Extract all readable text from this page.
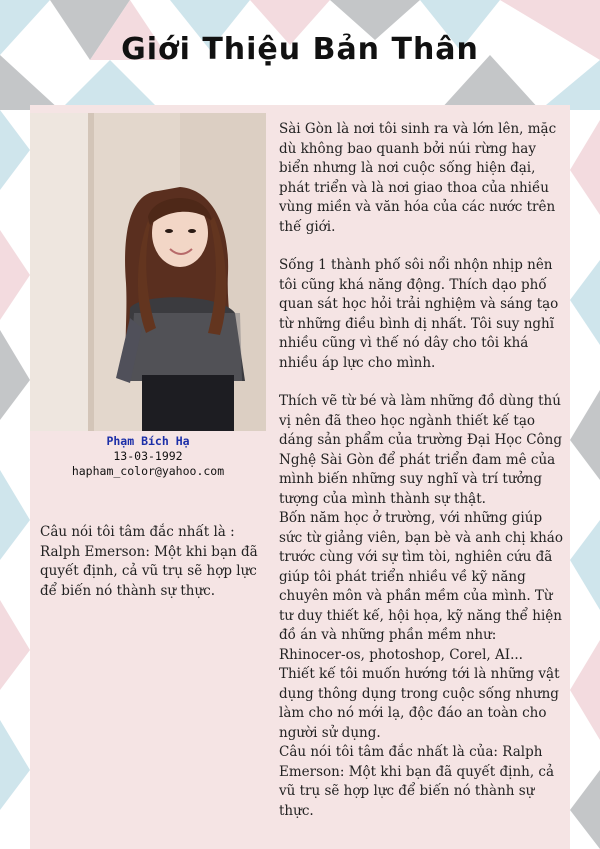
Giới Thiệu Bản Thân
Phạm Bích Hạ
13-03-1992
hapham_color@yahoo.com
Câu nói tôi tâm đắc nhất là : Ralph Emerson: Một khi bạn đã quyết định, cả vũ trụ sẽ hợp lực để biến nó thành sự thực.

Sài Gòn là nơi tôi sinh ra và lớn lên, mặc dù không bao quanh bởi núi rừng hay biển nhưng là nơi cuộc sống hiện đại, phát triển và là nơi giao thoa của nhiều vùng miền và văn hóa của các nước trên thế giới.

Sống 1 thành phố sôi nổi nhộn nhịp nên tôi cũng khá năng động. Thích dạo phố quan sát học hỏi trải nghiệm và sáng tạo từ những điều bình dị nhất. Tôi suy nghĩ nhiều cũng vì thế nó dây cho tôi khá nhiều áp lực cho mình.

Thích vẽ từ bé và làm những đồ dùng thú vị nên đã theo học ngành thiết kế tạo dáng sản phẩm của trường Đại Học Công Nghệ Sài Gòn để phát triển đam mê của mình biến những suy nghĩ và trí tưởng tượng của mình thành sự thật.

Bốn năm học ở trường, với những giúp sức từ giảng viên, bạn bè và anh chị kháo trước cùng với sự tìm tòi, nghiên cứu đã giúp tôi phát triển nhiều về kỹ năng chuyên môn và phần mềm của mình. Từ tư duy thiết kế, hội họa, kỹ năng thể hiện đồ án và những phần mềm như: Rhinocer-os, photoshop, Corel, AI...

Thiết kế tôi muốn hướng tới là những vật dụng thông dụng trong cuộc sống nhưng làm cho nó mới lạ, độc đáo an toàn cho người sử dụng.

Câu nói tôi tâm đắc nhất là của: Ralph Emerson: Một khi bạn đã quyết định, cả vũ trụ sẽ hợp lực để biến nó thành sự thực.
